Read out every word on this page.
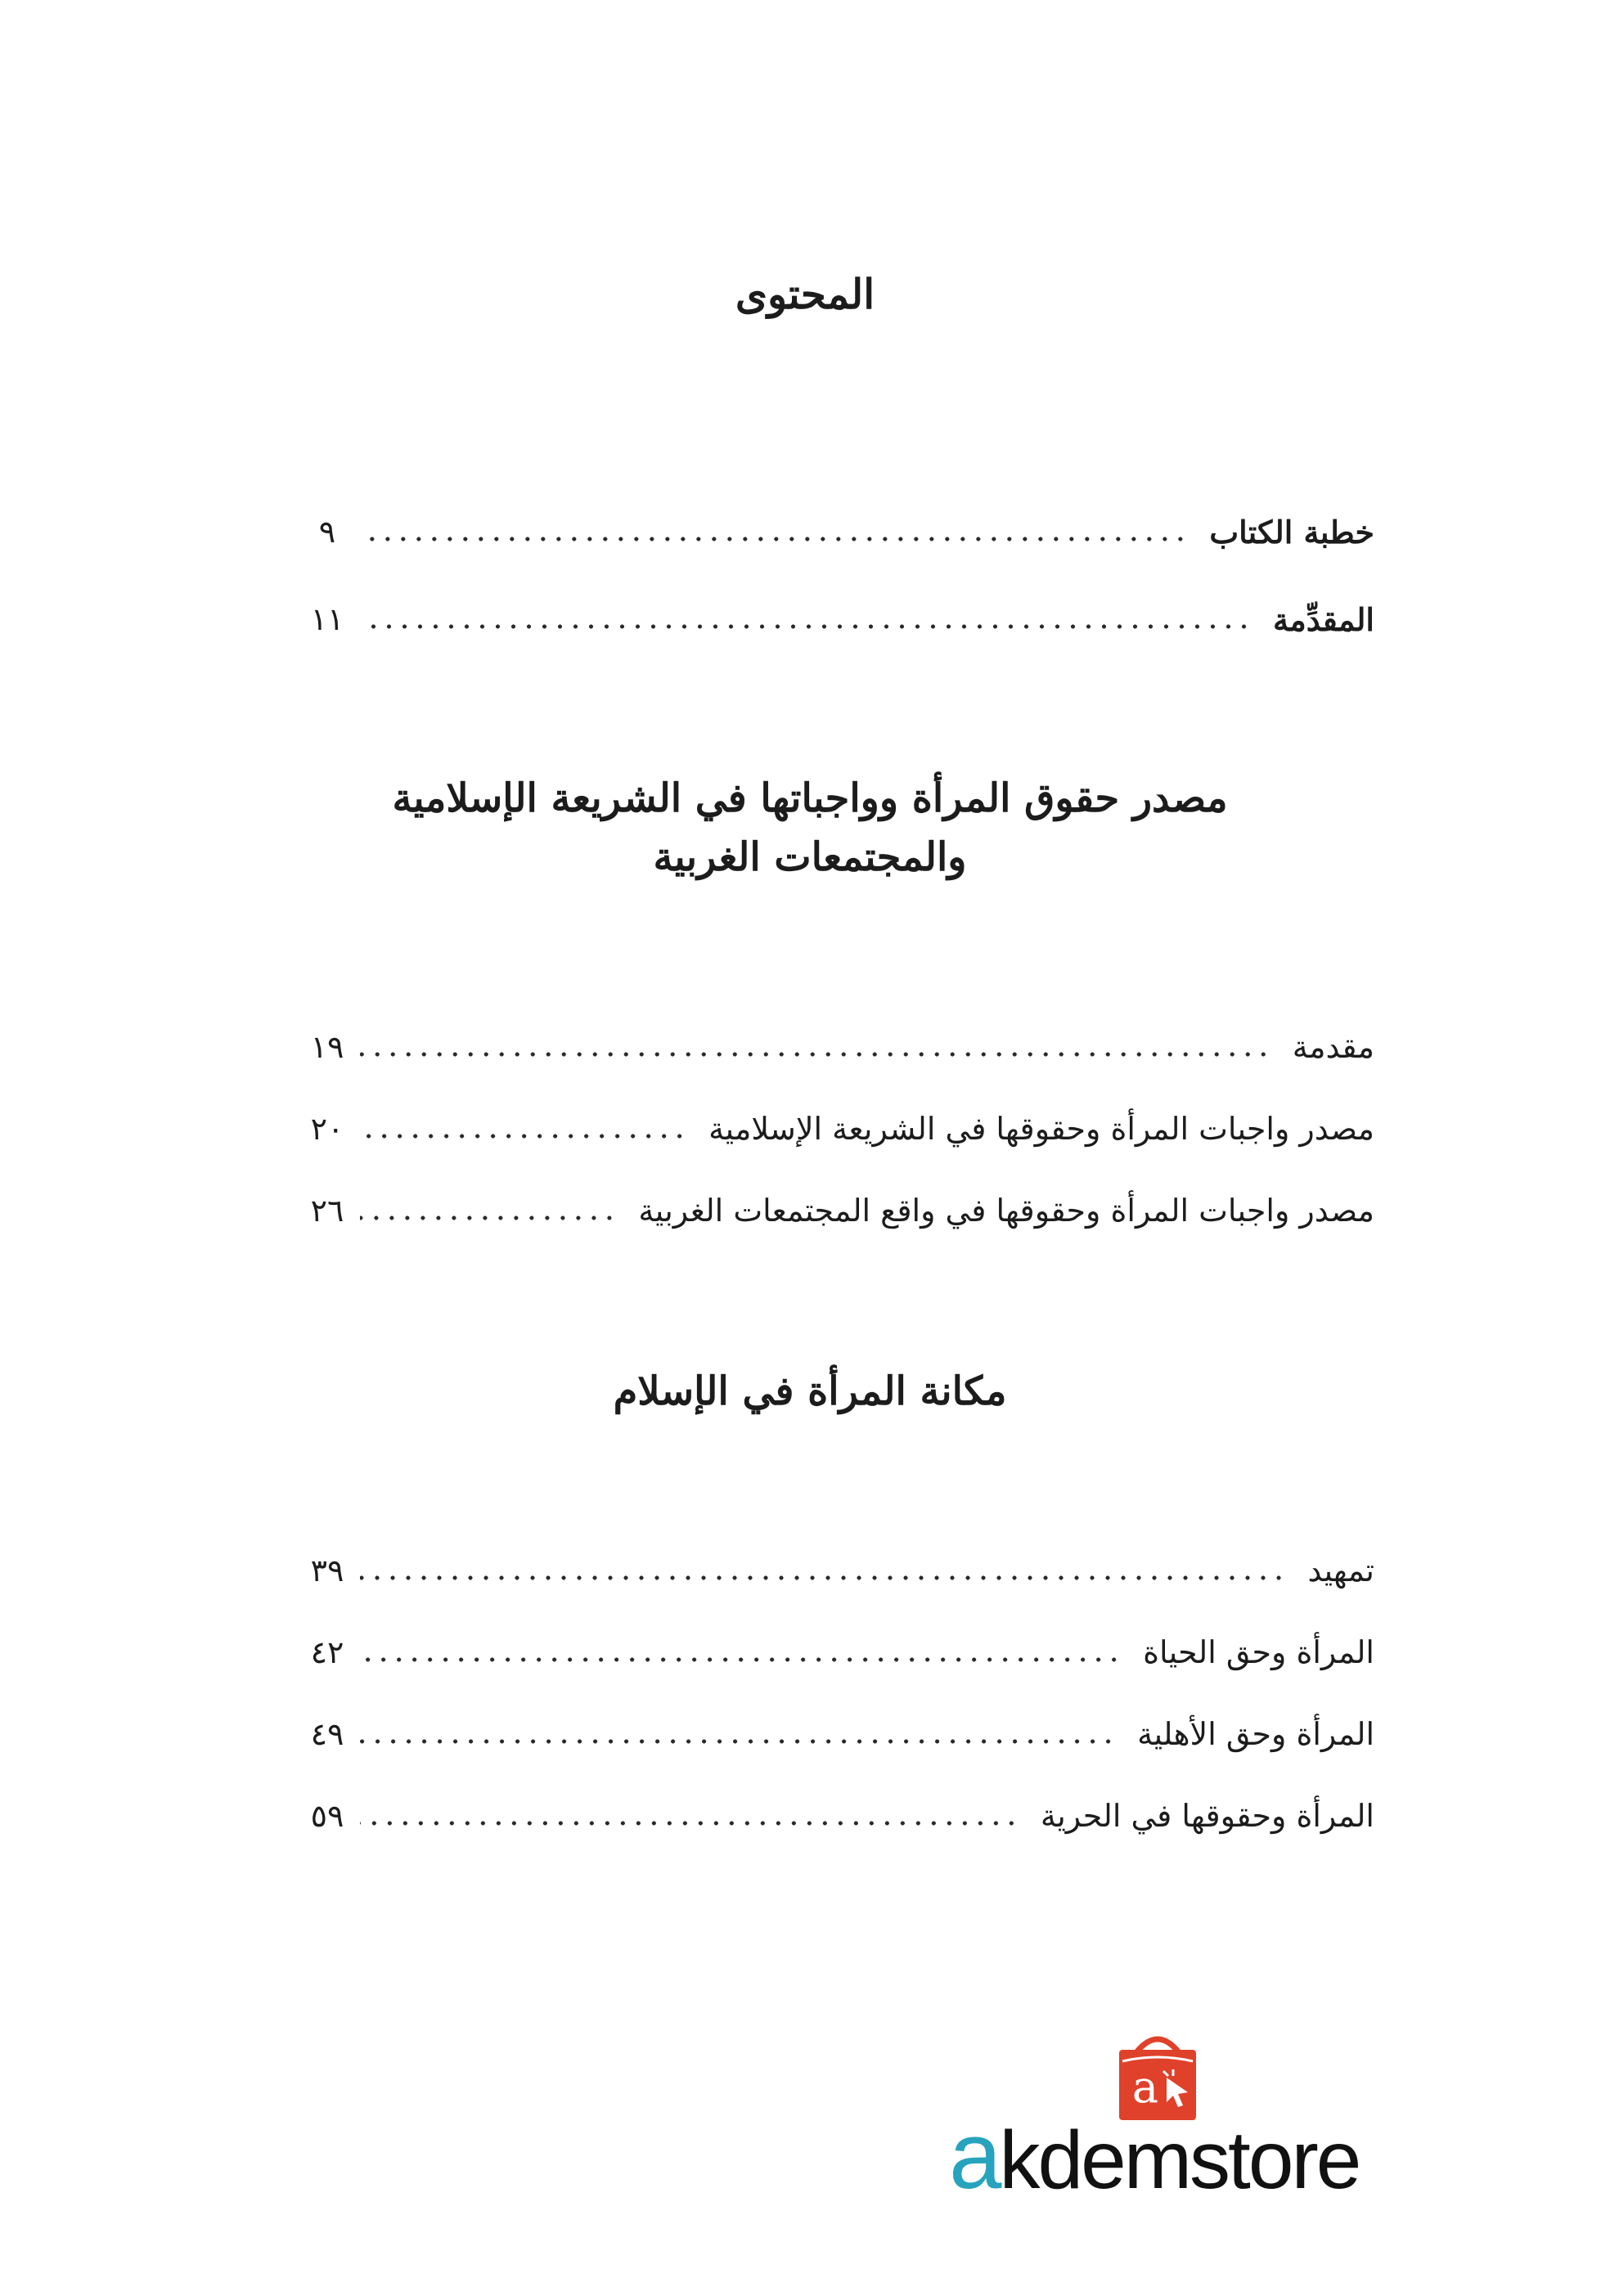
المحتوى
خطبة الكتاب
٩
المقدِّمة
١١
مصدر حقوق المرأة وواجباتها في الشريعة الإسلامية
والمجتمعات الغربية
مقدمة
١٩
مصدر واجبات المرأة وحقوقها في الشريعة الإسلامية
٢٠
مصدر واجبات المرأة وحقوقها في واقع المجتمعات الغربية
٢٦
مكانة المرأة في الإسلام
تمهيد
٣٩
المرأة وحق الحياة
٤٢
المرأة وحق الأهلية
٤٩
المرأة وحقوقها في الحرية
٥٩
a
akdemstore
